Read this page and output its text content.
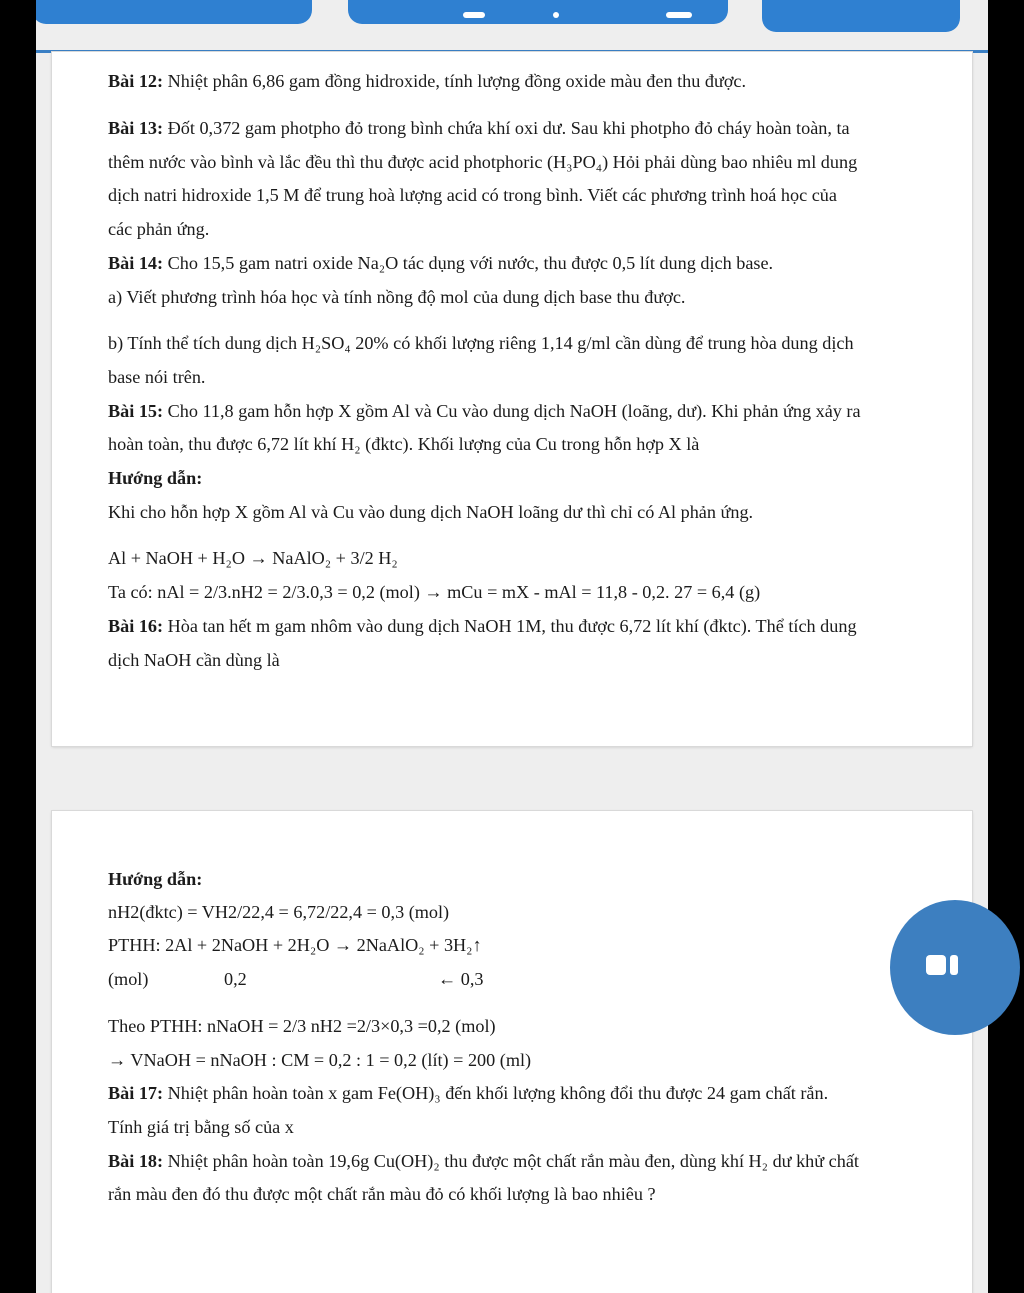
Bài 12: Nhiệt phân 6,86 gam đồng hidroxide, tính lượng đồng oxide màu đen thu được.
Bài 13: Đốt 0,372 gam photpho đỏ trong bình chứa khí oxi dư. Sau khi photpho đỏ cháy hoàn toàn, ta
thêm nước vào bình và lắc đều thì thu được acid photphoric (H₃PO₄) Hỏi phải dùng bao nhiêu ml dung
dịch natri hidroxide 1,5 M để trung hoà lượng acid có trong bình. Viết các phương trình hoá học của
các phản ứng.
Bài 14: Cho 15,5 gam natri oxide Na₂O tác dụng với nước, thu được 0,5 lít dung dịch base.
a) Viết phương trình hóa học và tính nồng độ mol của dung dịch base thu được.
b) Tính thể tích dung dịch H₂SO₄ 20% có khối lượng riêng 1,14 g/ml cần dùng để trung hòa dung dịch
base nói trên.
Bài 15: Cho 11,8 gam hỗn hợp X gồm Al và Cu vào dung dịch NaOH (loãng, dư). Khi phản ứng xảy ra
hoàn toàn, thu được 6,72 lít khí H₂ (đktc). Khối lượng của Cu trong hỗn hợp X là
Hướng dẫn:
Khi cho hỗn hợp X gồm Al và Cu vào dung dịch NaOH loãng dư thì chỉ có Al phản ứng.
Al + NaOH + H₂O → NaAlO₂ + 3/2 H₂
Ta có: nAl = 2/3.nH2 = 2/3.0,3 = 0,2 (mol) → mCu = mX - mAl = 11,8 - 0,2. 27 = 6,4 (g)
Bài 16: Hòa tan hết m gam nhôm vào dung dịch NaOH 1M, thu được 6,72 lít khí (đktc). Thể tích dung
dịch NaOH cần dùng là
Hướng dẫn:
nH2(đktc) = VH2/22,4 = 6,72/22,4 = 0,3 (mol)
PTHH: 2Al + 2NaOH + 2H₂O → 2NaAlO₂ + 3H₂↑
(mol)	0,2	← 0,3
Theo PTHH: nNaOH = 2/3 nH2 =2/3×0,3 =0,2 (mol)
→ VNaOH = nNaOH : CM = 0,2 : 1 = 0,2 (lít) = 200 (ml)
Bài 17: Nhiệt phân hoàn toàn x gam Fe(OH)₃ đến khối lượng không đổi thu được 24 gam chất rắn.
Tính giá trị bằng số của x
Bài 18: Nhiệt phân hoàn toàn 19,6g Cu(OH)₂ thu được một chất rắn màu đen, dùng khí H₂ dư khử chất
rắn màu đen đó thu được một chất rắn màu đỏ có khối lượng là bao nhiêu ?
